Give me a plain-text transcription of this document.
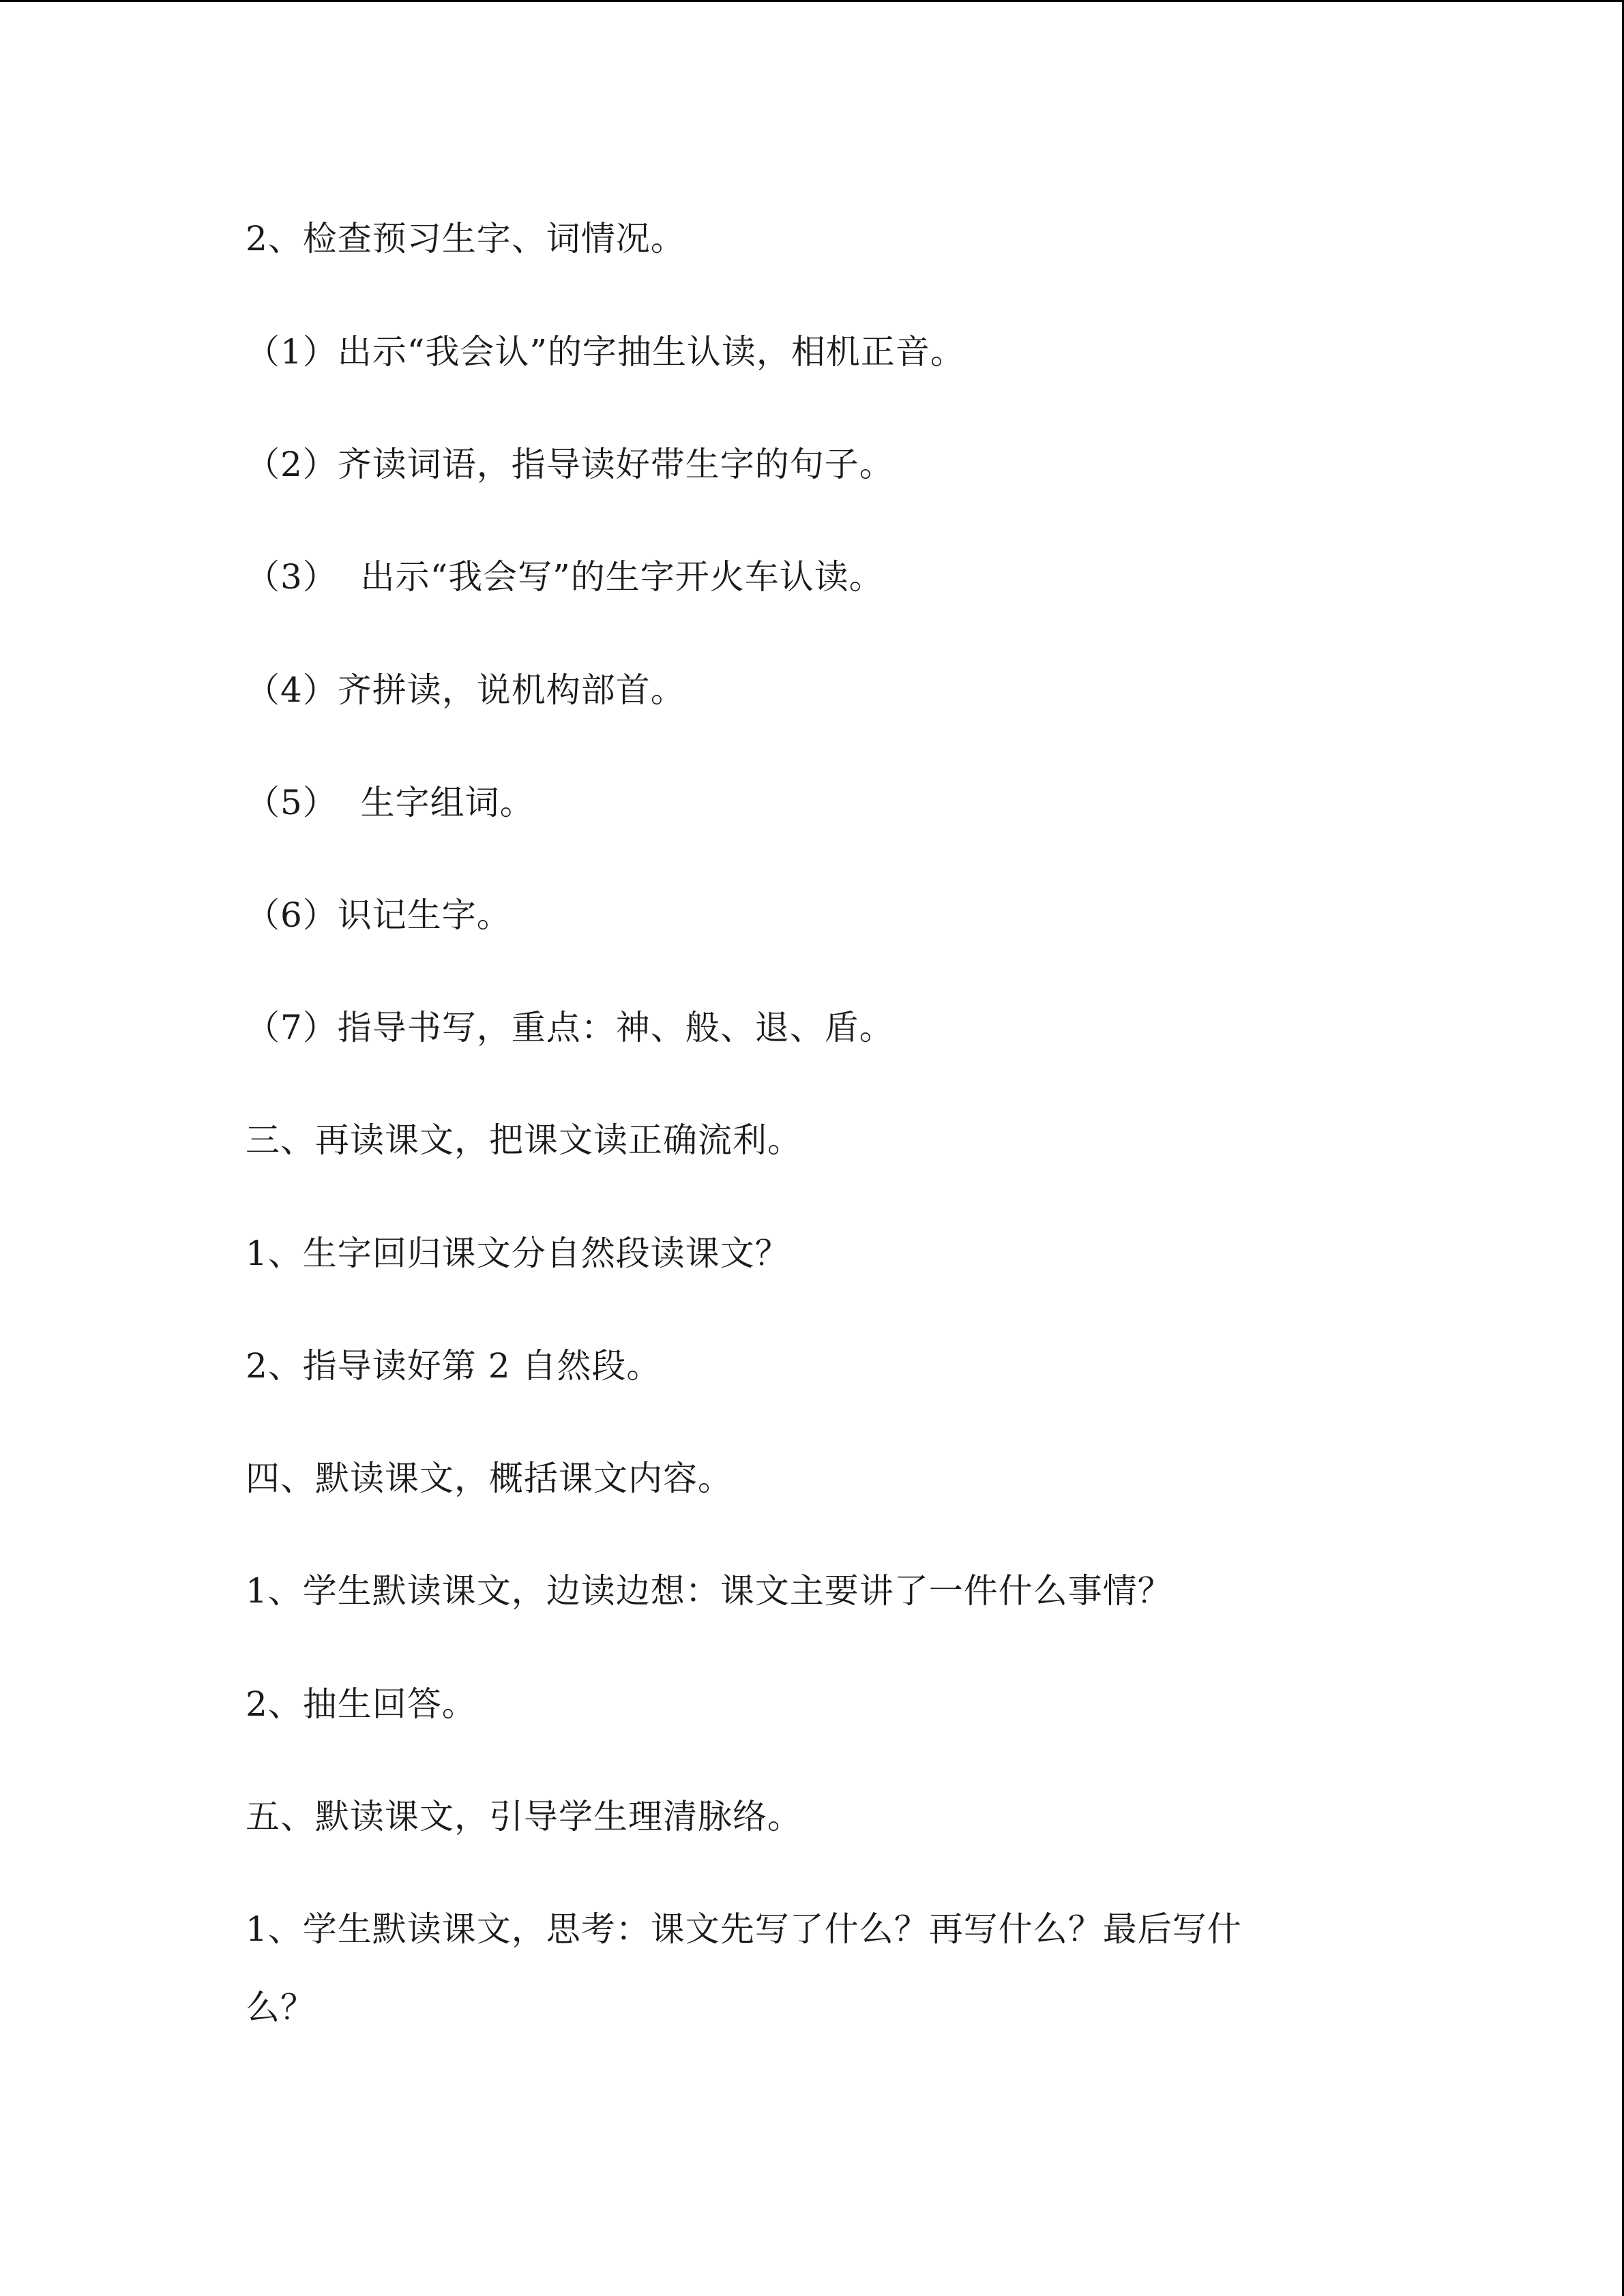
2、检查预习生字、词情况。
（1）出示“我会认”的字抽生认读，相机正音。
（2）齐读词语，指导读好带生字的句子。
（3）  出示“我会写”的生字开火车认读。
（4）齐拼读，说机构部首。
（5）  生字组词。
（6）识记生字。
（7）指导书写，重点：神、般、退、盾。
三、再读课文，把课文读正确流利。
1、生字回归课文分自然段读课文？
2、指导读好第 2 自然段。
四、默读课文，概括课文内容。
1、学生默读课文，边读边想：课文主要讲了一件什么事情？
2、抽生回答。
五、默读课文，引导学生理清脉络。
1、学生默读课文，思考：课文先写了什么？再写什么？最后写什
么？
